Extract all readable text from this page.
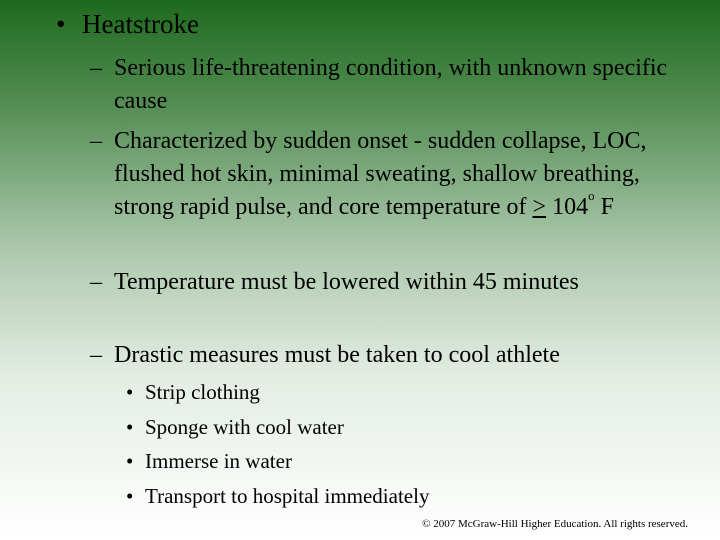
• Heatstroke
– Serious life-threatening condition, with unknown specific cause
– Characterized by sudden onset - sudden collapse, LOC, flushed hot skin, minimal sweating, shallow breathing, strong rapid pulse, and core temperature of ≥ $104^o$ F
– Temperature must be lowered within 45 minutes
– Drastic measures must be taken to cool athlete
• Strip clothing
• Sponge with cool water
• Immerse in water
• Transport to hospital immediately
© 2007 McGraw-Hill Higher Education. All rights reserved.
